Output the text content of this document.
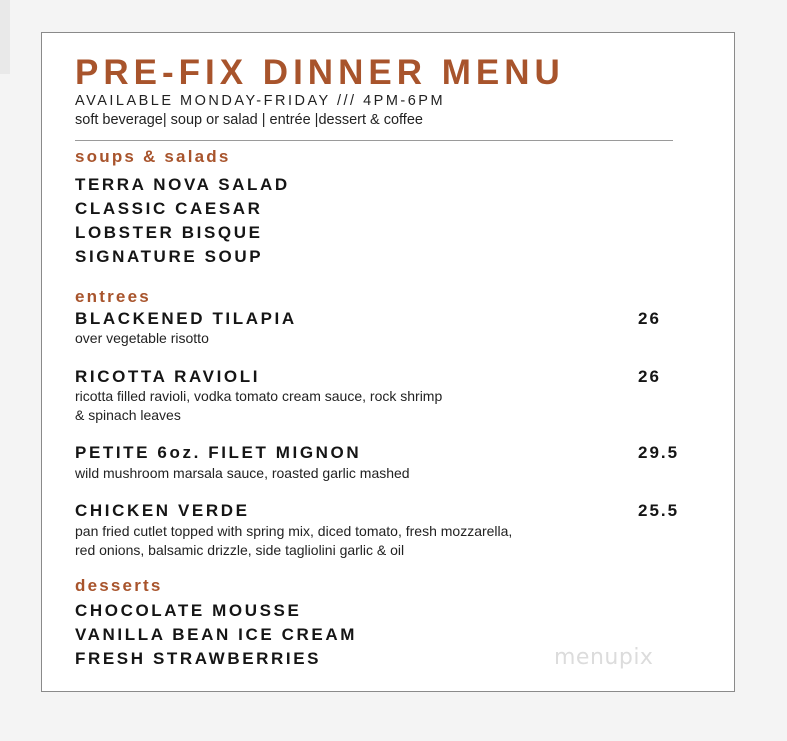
PRE-FIX DINNER MENU
AVAILABLE MONDAY-FRIDAY /// 4PM-6PM
soft beverage| soup or salad | entrée |dessert & coffee
soups & salads
TERRA NOVA SALAD
CLASSIC CAESAR
LOBSTER BISQUE
SIGNATURE SOUP
entrees
BLACKENED TILAPIA	26
over vegetable risotto
RICOTTA RAVIOLI	26
ricotta filled ravioli, vodka tomato cream sauce, rock shrimp
& spinach leaves
PETITE 6oz. FILET MIGNON	29.5
wild mushroom marsala sauce, roasted garlic mashed
CHICKEN VERDE	25.5
pan fried cutlet topped with spring mix, diced tomato, fresh mozzarella,
red onions, balsamic drizzle, side tagliolini garlic & oil
desserts
CHOCOLATE MOUSSE
VANILLA BEAN ICE CREAM
FRESH STRAWBERRIES	menupix
